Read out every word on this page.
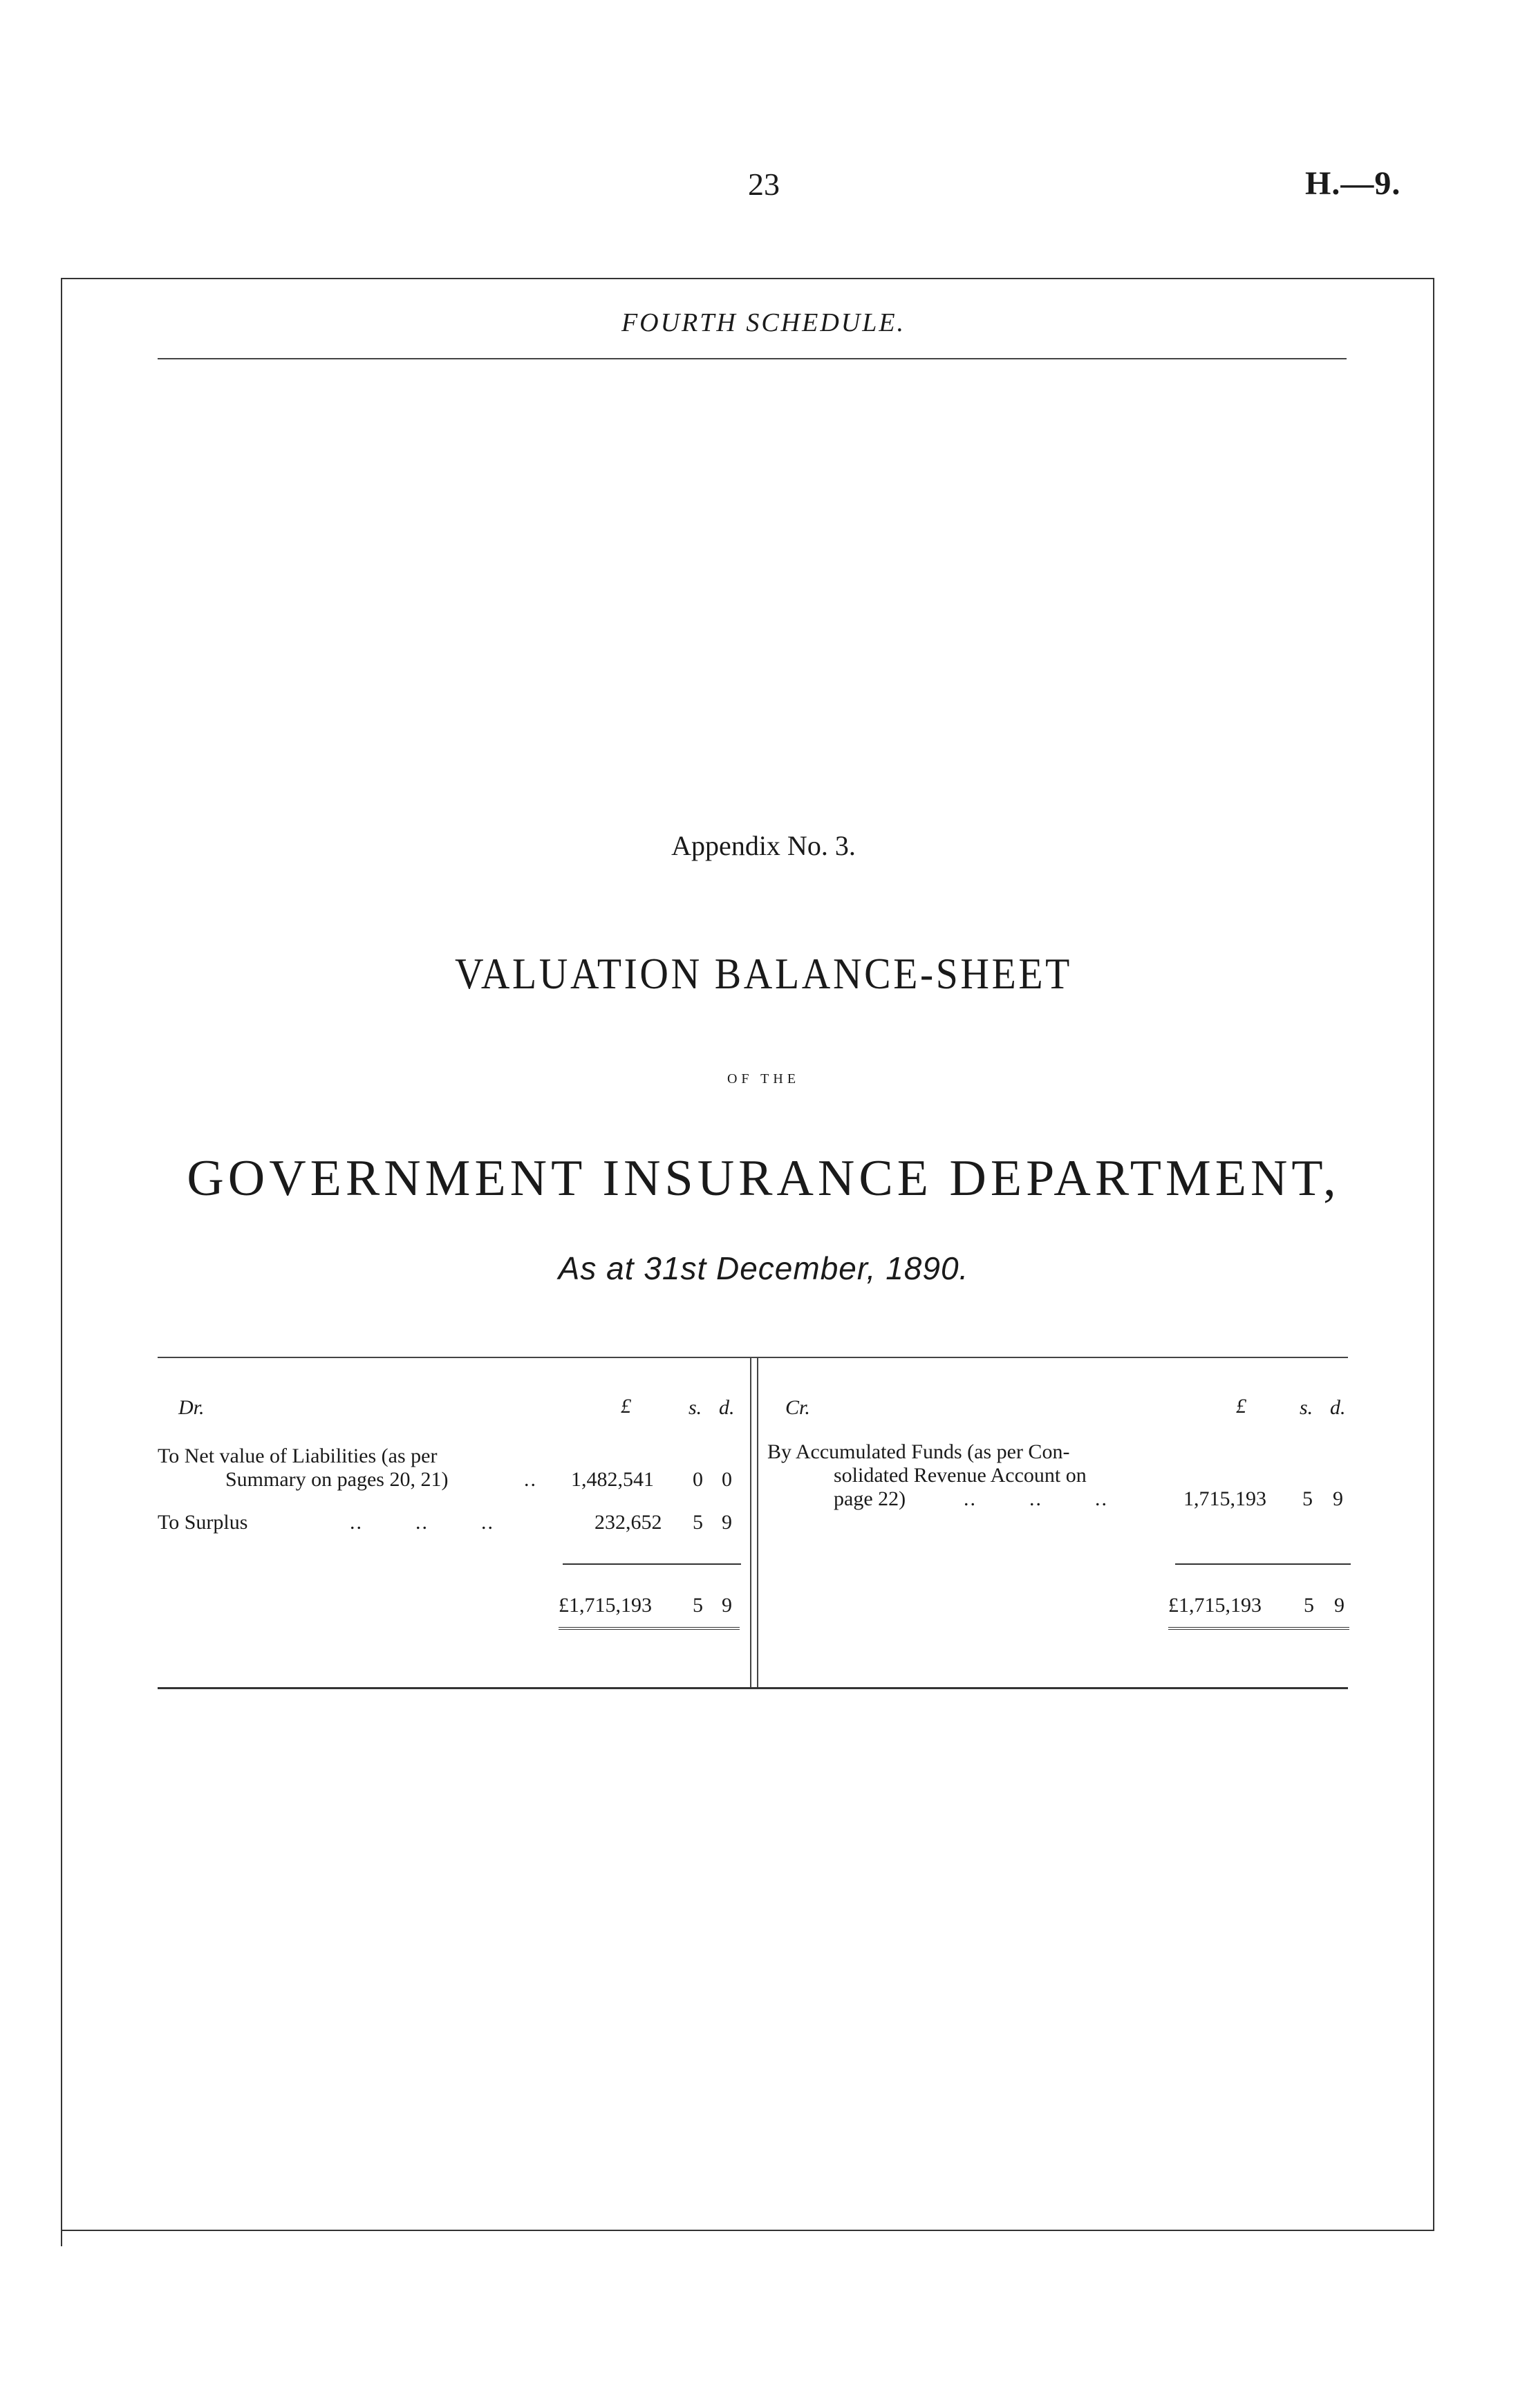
23	H.—9.
FOURTH SCHEDULE.
Appendix No. 3.
VALUATION BALANCE-SHEET
OF THE
GOVERNMENT INSURANCE DEPARTMENT,
As at 31st December, 1890.
Dr.	£	s. d.
To Net value of Liabilities (as per
Summary on pages 20, 21)	.. 1,482,541 0 0
To Surplus	..        ..        ..	232,652 5 9
£1,715,193 5 9
Cr.	£	s. d.
By Accumulated Funds (as per Con-
solidated Revenue Account on
page 22)	..        ..        ..	1,715,193 5 9
£1,715,193 5 9
